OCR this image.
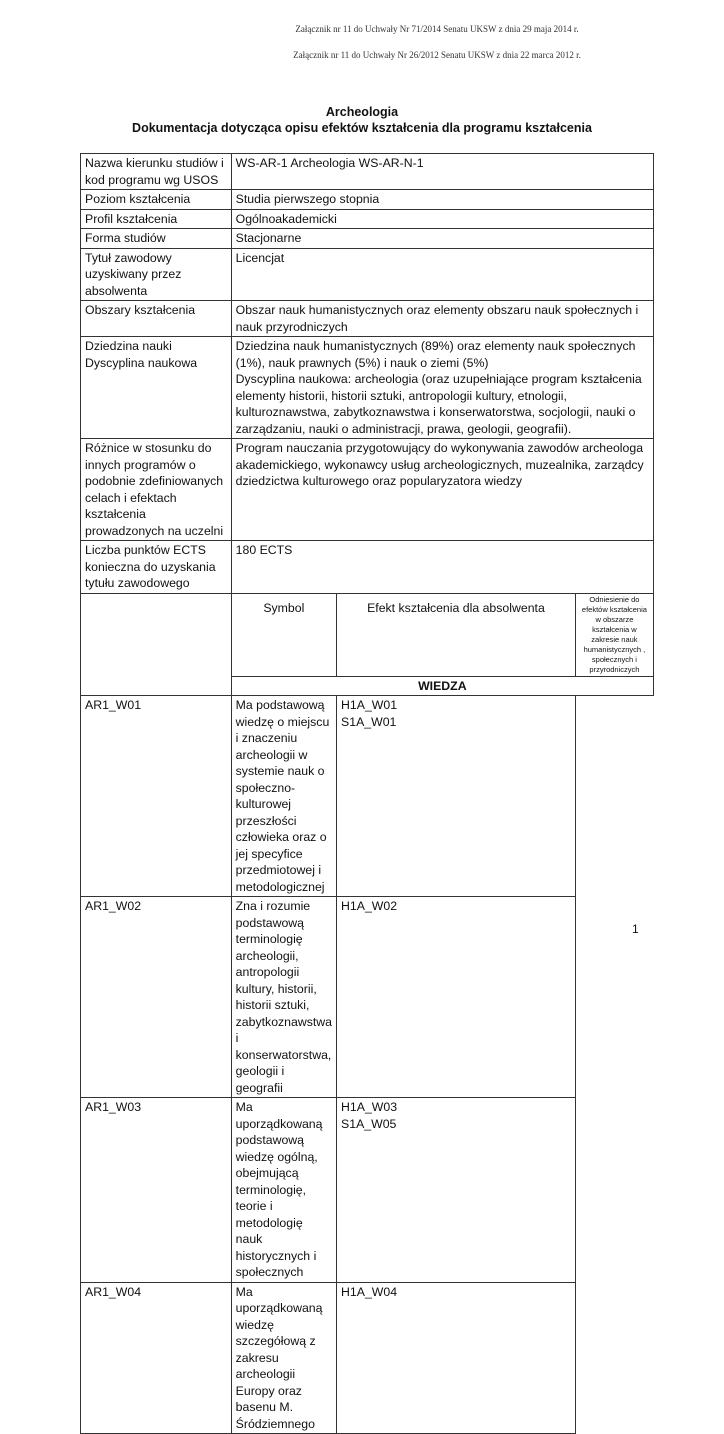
Załącznik nr 11 do Uchwały Nr 71/2014 Senatu UKSW z dnia 29 maja 2014 r.
Załącznik nr 11 do Uchwały Nr 26/2012 Senatu UKSW z dnia 22 marca 2012 r.
Archeologia
Dokumentacja dotycząca opisu efektów kształcenia dla programu kształcenia
Nazwa kierunku studiów i kod programu wg USOS	WS-AR-1 Archeologia WS-AR-N-1		
Poziom kształcenia	Studia pierwszego stopnia		
Profil kształcenia	Ogólnoakademicki		
Forma studiów	Stacjonarne		
Tytuł zawodowy uzyskiwany przez absolwenta	Licencjat		
Obszary kształcenia	Obszar nauk humanistycznych oraz elementy obszaru nauk społecznych i nauk przyrodniczych		
Dziedzina nauki
Dyscyplina naukowa	Dziedzina nauk humanistycznych (89%) oraz elementy nauk społecznych (1%), nauk prawnych (5%) i nauk o ziemi (5%)
Dyscyplina naukowa: archeologia (oraz uzupełniające program kształcenia elementy historii, historii sztuki, antropologii kultury, etnologii, kulturoznawstwa, zabytkoznawstwa i konserwatorstwa, socjologii, nauki o zarządzaniu, nauki o administracji, prawa, geologii, geografii).		
Różnice w stosunku do innych programów o podobnie zdefiniowanych celach i efektach kształcenia prowadzonych na uczelni	Program nauczania przygotowujący do wykonywania zawodów archeologa akademickiego, wykonawcy usług archeologicznych, muzealnika, zarządcy dziedzictwa kulturowego oraz popularyzatora wiedzy		
Liczba punktów ECTS konieczna do uzyskania tytułu zawodowego	180 ECTS		
	Symbol	Efekt kształcenia dla absolwenta	Odniesienie do efektów kształcenia w obszarze kształcenia w zakresie nauk humanistycznych , społecznych i przyrodniczych
	WIEDZA		
AR1_W01	Ma podstawową wiedzę o miejscu i znaczeniu archeologii w systemie nauk o społeczno-kulturowej przeszłości człowieka oraz o jej specyfice przedmiotowej i metodologicznej	H1A_W01
S1A_W01	
AR1_W02	Zna i rozumie podstawową terminologię archeologii, antropologii kultury, historii, historii sztuki, zabytkoznawstwa i konserwatorstwa, geologii i geografii	H1A_W02	
AR1_W03	Ma uporządkowaną podstawową wiedzę ogólną, obejmującą terminologię, teorie i metodologię nauk historycznych i społecznych	H1A_W03
S1A_W05	
AR1_W04	Ma uporządkowaną wiedzę szczegółową z zakresu archeologii Europy oraz basenu M. Śródziemnego	H1A_W04	
1
